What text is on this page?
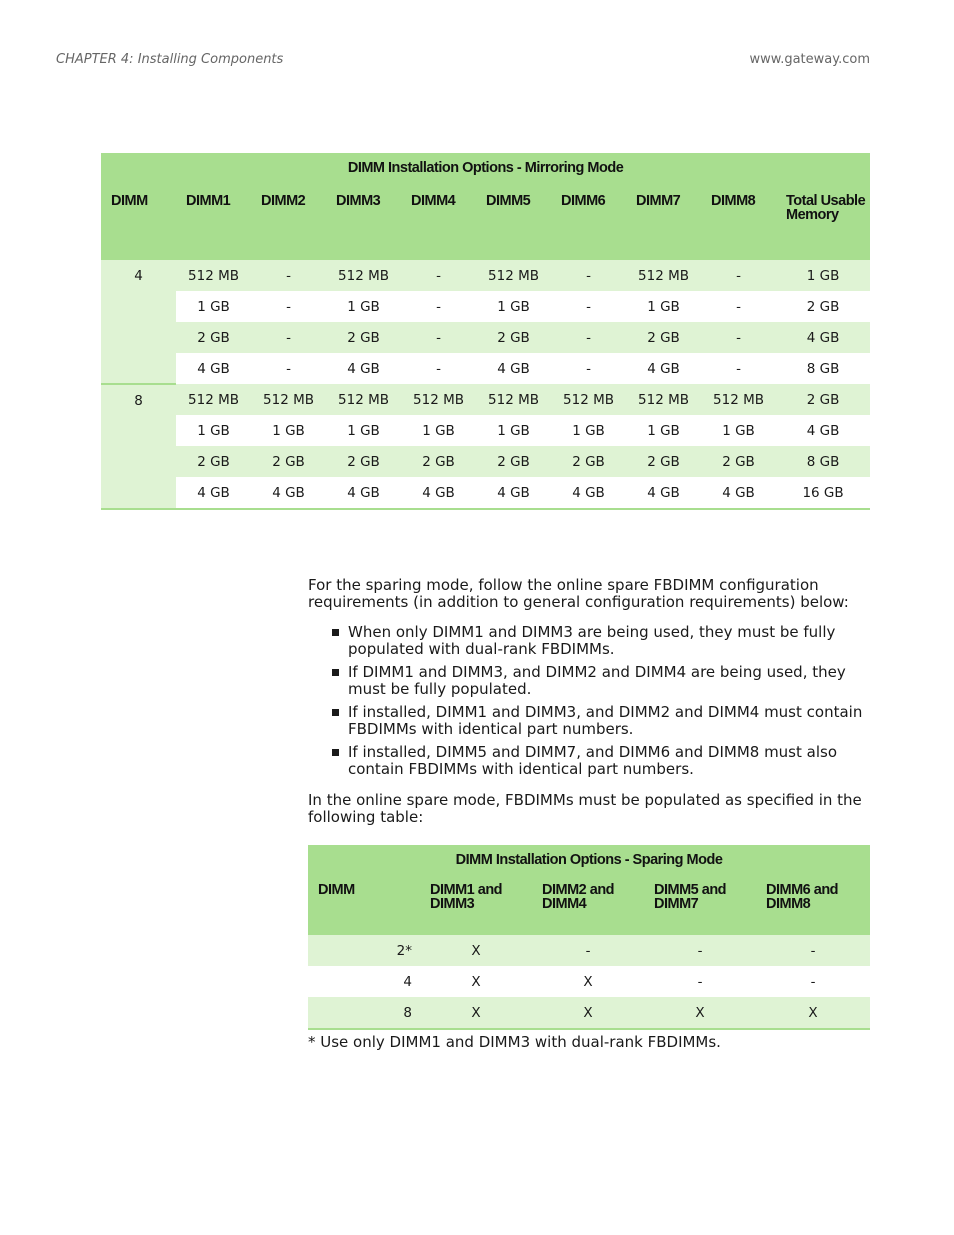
CHAPTER 4: Installing Components	www.gateway.com
DIMM Installation Options - Mirroring Mode									
DIMM	DIMM1	DIMM2	DIMM3	DIMM4	DIMM5	DIMM6	DIMM7	DIMM8	Total Usable Memory
4	512 MB	-	512 MB	-	512 MB	-	512 MB	-	1 GB
	1 GB	-	1 GB	-	1 GB	-	1 GB	-	2 GB
	2 GB	-	2 GB	-	2 GB	-	2 GB	-	4 GB
	4 GB	-	4 GB	-	4 GB	-	4 GB	-	8 GB
8	512 MB	512 MB	512 MB	512 MB	512 MB	512 MB	512 MB	512 MB	2 GB
	1 GB	1 GB	1 GB	1 GB	1 GB	1 GB	1 GB	1 GB	4 GB
	2 GB	2 GB	2 GB	2 GB	2 GB	2 GB	2 GB	2 GB	8 GB
	4 GB	4 GB	4 GB	4 GB	4 GB	4 GB	4 GB	4 GB	16 GB
For the sparing mode, follow the online spare FBDIMM configuration requirements (in addition to general configuration requirements) below:
When only DIMM1 and DIMM3 are being used, they must be fully populated with dual-rank FBDIMMs.
If DIMM1 and DIMM3, and DIMM2 and DIMM4 are being used, they must be fully populated.
If installed, DIMM1 and DIMM3, and DIMM2 and DIMM4 must contain FBDIMMs with identical part numbers.
If installed, DIMM5 and DIMM7, and DIMM6 and DIMM8 must also contain FBDIMMs with identical part numbers.
In the online spare mode, FBDIMMs must be populated as specified in the following table:
DIMM Installation Options - Sparing Mode				
DIMM	DIMM1 and DIMM3	DIMM2 and DIMM4	DIMM5 and DIMM7	DIMM6 and DIMM8
2*	X	-	-	-
4	X	X	-	-
8	X	X	X	X
* Use only DIMM1 and DIMM3 with dual-rank FBDIMMs.
